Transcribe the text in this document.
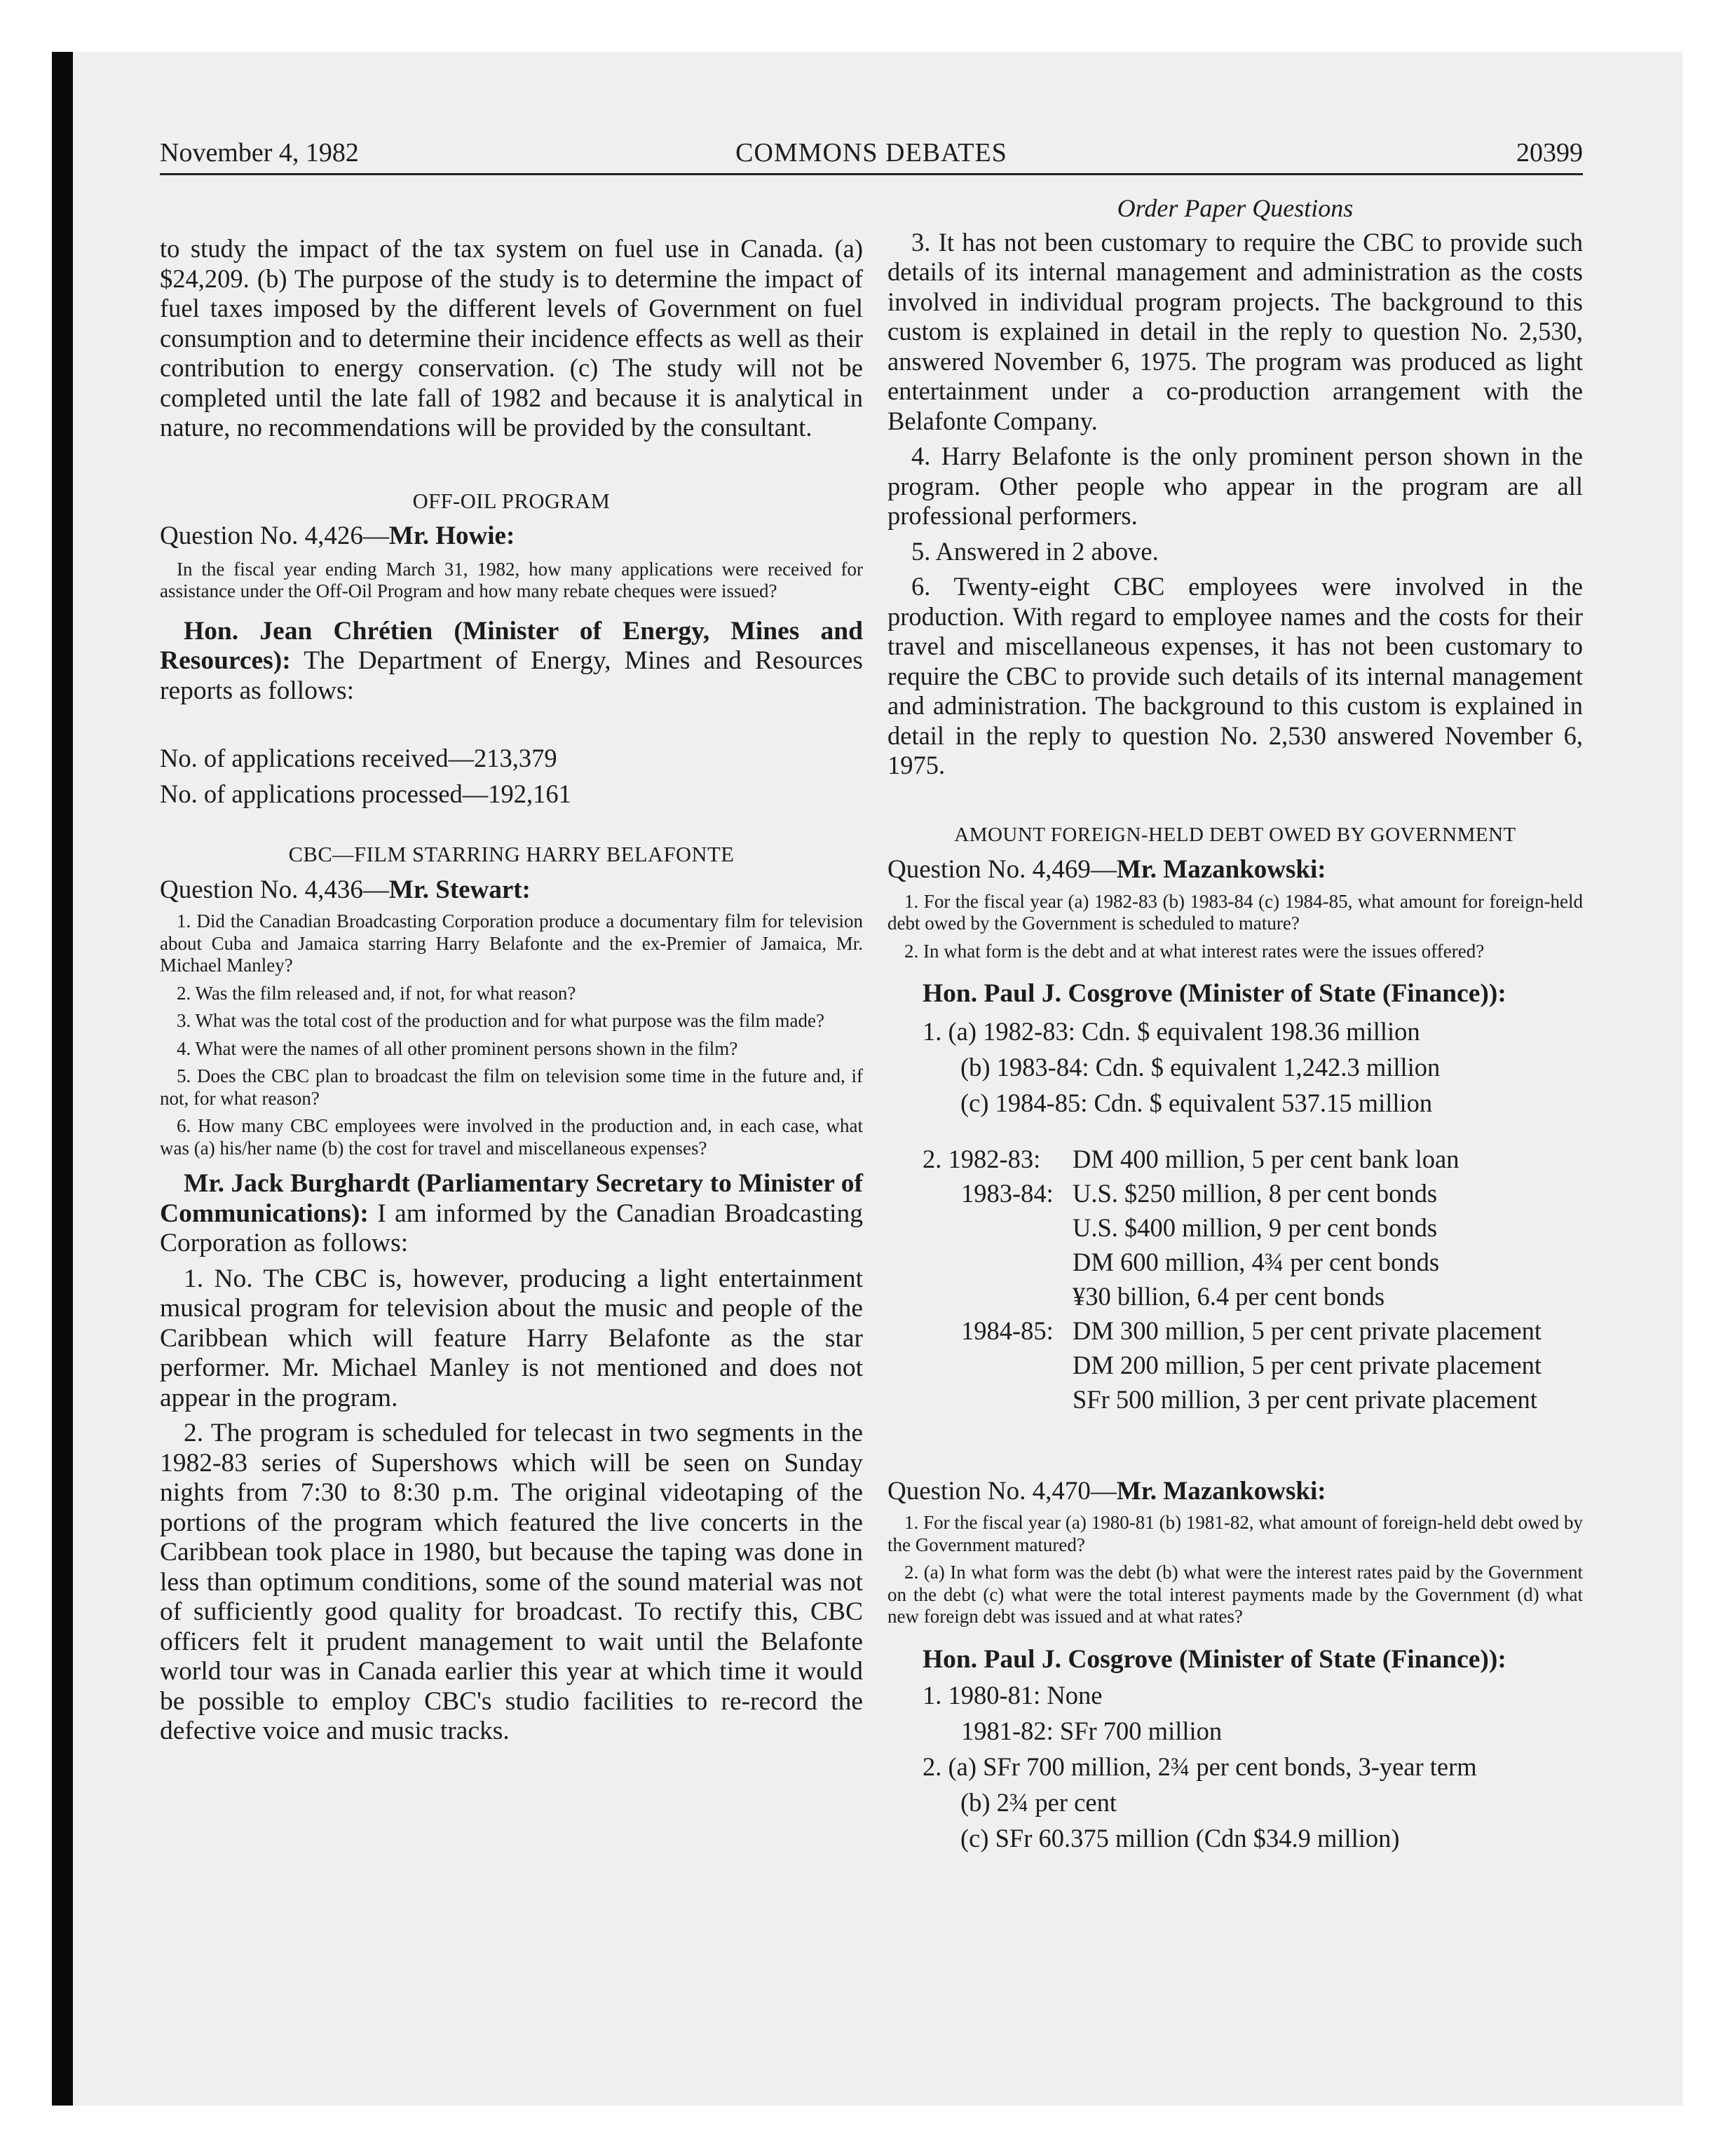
November 4, 1982	COMMONS DEBATES	20399

to study the impact of the tax system on fuel use in Canada. (a) $24,209. (b) The purpose of the study is to determine the impact of fuel taxes imposed by the different levels of Government on fuel consumption and to determine their incidence effects as well as their contribution to energy conservation. (c) The study will not be completed until the late fall of 1982 and because it is analytical in nature, no recommendations will be provided by the consultant.

OFF-OIL PROGRAM

Question No. 4,426—Mr. Howie:

In the fiscal year ending March 31, 1982, how many applications were received for assistance under the Off-Oil Program and how many rebate cheques were issued?

Hon. Jean Chrétien (Minister of Energy, Mines and Resources): The Department of Energy, Mines and Resources reports as follows:

No. of applications received—213,379

No. of applications processed—192,161

CBC—FILM STARRING HARRY BELAFONTE

Question No. 4,436—Mr. Stewart:

1. Did the Canadian Broadcasting Corporation produce a documentary film for television about Cuba and Jamaica starring Harry Belafonte and the ex-Premier of Jamaica, Mr. Michael Manley?

2. Was the film released and, if not, for what reason?

3. What was the total cost of the production and for what purpose was the film made?

4. What were the names of all other prominent persons shown in the film?

5. Does the CBC plan to broadcast the film on television some time in the future and, if not, for what reason?

6. How many CBC employees were involved in the production and, in each case, what was (a) his/her name (b) the cost for travel and miscellaneous expenses?

Mr. Jack Burghardt (Parliamentary Secretary to Minister of Communications): I am informed by the Canadian Broadcasting Corporation as follows:

1. No. The CBC is, however, producing a light entertainment musical program for television about the music and people of the Caribbean which will feature Harry Belafonte as the star performer. Mr. Michael Manley is not mentioned and does not appear in the program.

2. The program is scheduled for telecast in two segments in the 1982-83 series of Supershows which will be seen on Sunday nights from 7:30 to 8:30 p.m. The original videotaping of the portions of the program which featured the live concerts in the Caribbean took place in 1980, but because the taping was done in less than optimum conditions, some of the sound material was not of sufficiently good quality for broadcast. To rectify this, CBC officers felt it prudent management to wait until the Belafonte world tour was in Canada earlier this year at which time it would be possible to employ CBC's studio facilities to re-record the defective voice and music tracks.

Order Paper Questions

3. It has not been customary to require the CBC to provide such details of its internal management and administration as the costs involved in individual program projects. The background to this custom is explained in detail in the reply to question No. 2,530, answered November 6, 1975. The program was produced as light entertainment under a co-production arrangement with the Belafonte Company.

4. Harry Belafonte is the only prominent person shown in the program. Other people who appear in the program are all professional performers.

5. Answered in 2 above.

6. Twenty-eight CBC employees were involved in the production. With regard to employee names and the costs for their travel and miscellaneous expenses, it has not been customary to require the CBC to provide such details of its internal management and administration. The background to this custom is explained in detail in the reply to question No. 2,530 answered November 6, 1975.

AMOUNT FOREIGN-HELD DEBT OWED BY GOVERNMENT

Question No. 4,469—Mr. Mazankowski:

1. For the fiscal year (a) 1982-83 (b) 1983-84 (c) 1984-85, what amount for foreign-held debt owed by the Government is scheduled to mature?

2. In what form is the debt and at what interest rates were the issues offered?

Hon. Paul J. Cosgrove (Minister of State (Finance)):

1. (a) 1982-83: Cdn. $ equivalent 198.36 million

(b) 1983-84: Cdn. $ equivalent 1,242.3 million

(c) 1984-85: Cdn. $ equivalent 537.15 million

2. 1982-83:	DM 400 million, 5 per cent bank loan
1983-84: U.S. $250 million, 8 per cent bonds
U.S. $400 million, 9 per cent bonds
DM 600 million, 4¾ per cent bonds
¥30 billion, 6.4 per cent bonds
1984-85: DM 300 million, 5 per cent private placement
DM 200 million, 5 per cent private placement
SFr 500 million, 3 per cent private placement

Question No. 4,470—Mr. Mazankowski:

1. For the fiscal year (a) 1980-81 (b) 1981-82, what amount of foreign-held debt owed by the Government matured?

2. (a) In what form was the debt (b) what were the interest rates paid by the Government on the debt (c) what were the total interest payments made by the Government (d) what new foreign debt was issued and at what rates?

Hon. Paul J. Cosgrove (Minister of State (Finance)):

1. 1980-81: None

1981-82: SFr 700 million

2. (a) SFr 700 million, 2¾ per cent bonds, 3-year term

(b) 2¾ per cent

(c) SFr 60.375 million (Cdn $34.9 million)
